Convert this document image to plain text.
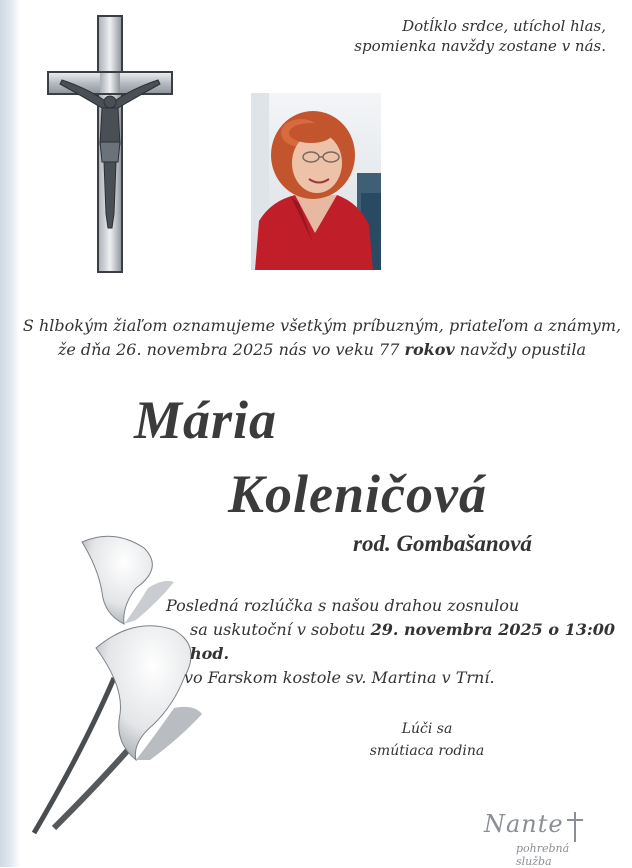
Dotĺklo srdce, utíchol hlas,
spomienka navždy zostane v nás.
S hlbokým žiaľom oznamujeme všetkým príbuzným, priateľom a známym,
že dňa 26. novembra 2025 nás vo veku 77 rokov navždy opustila
Mária
Koleničová
rod. Gombašanová
Posledná rozlúčka s našou drahou zosnulou
sa uskutoční v sobotu 29. novembra 2025 o 13:00 hod.
vo Farskom kostole sv. Martina v Trní.
Lúči sa
smútiaca rodina
Nante
pohrebná služba
